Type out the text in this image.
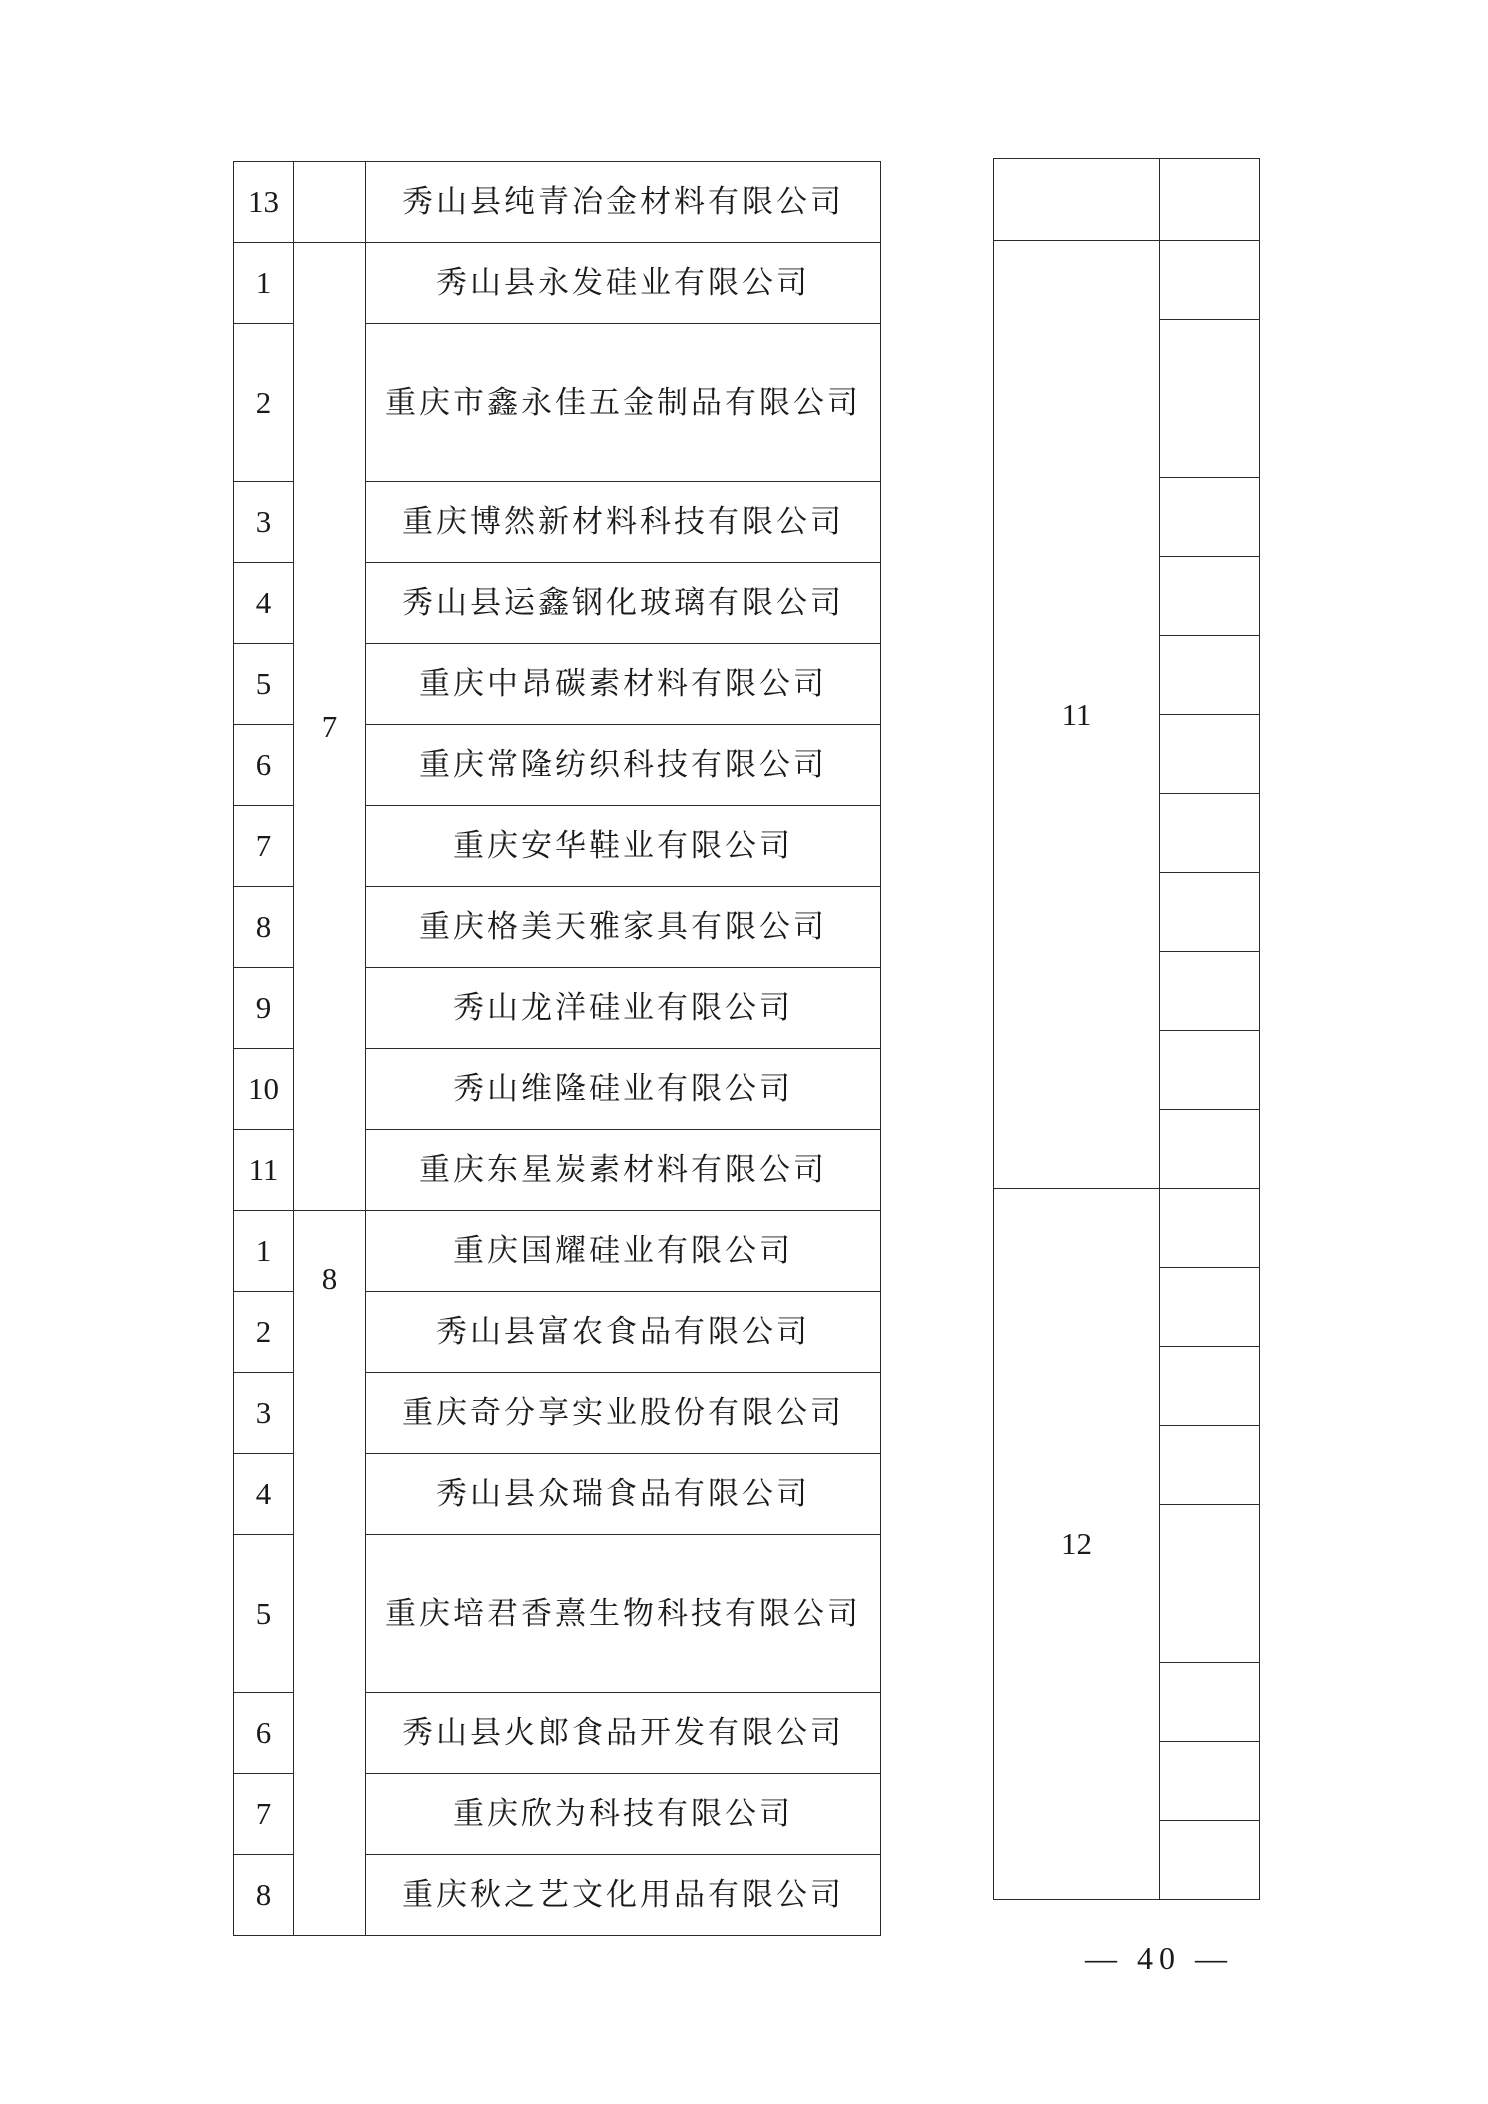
13		秀山县纯青冶金材料有限公司
1	7	秀山县永发硅业有限公司
2		重庆市鑫永佳五金制品有限公司
3		重庆博然新材料科技有限公司
4		秀山县运鑫钢化玻璃有限公司
5		重庆中昂碳素材料有限公司
6		重庆常隆纺织科技有限公司
7		重庆安华鞋业有限公司
8		重庆格美天雅家具有限公司
9		秀山龙洋硅业有限公司
10		秀山维隆硅业有限公司
11		重庆东星炭素材料有限公司
1	8	重庆国耀硅业有限公司
2		秀山县富农食品有限公司
3		重庆奇分享实业股份有限公司
4		秀山县众瑞食品有限公司
5		重庆培君香熹生物科技有限公司
6		秀山县火郎食品开发有限公司
7		重庆欣为科技有限公司
8		重庆秋之艺文化用品有限公司

11	

12	

— 40 —
